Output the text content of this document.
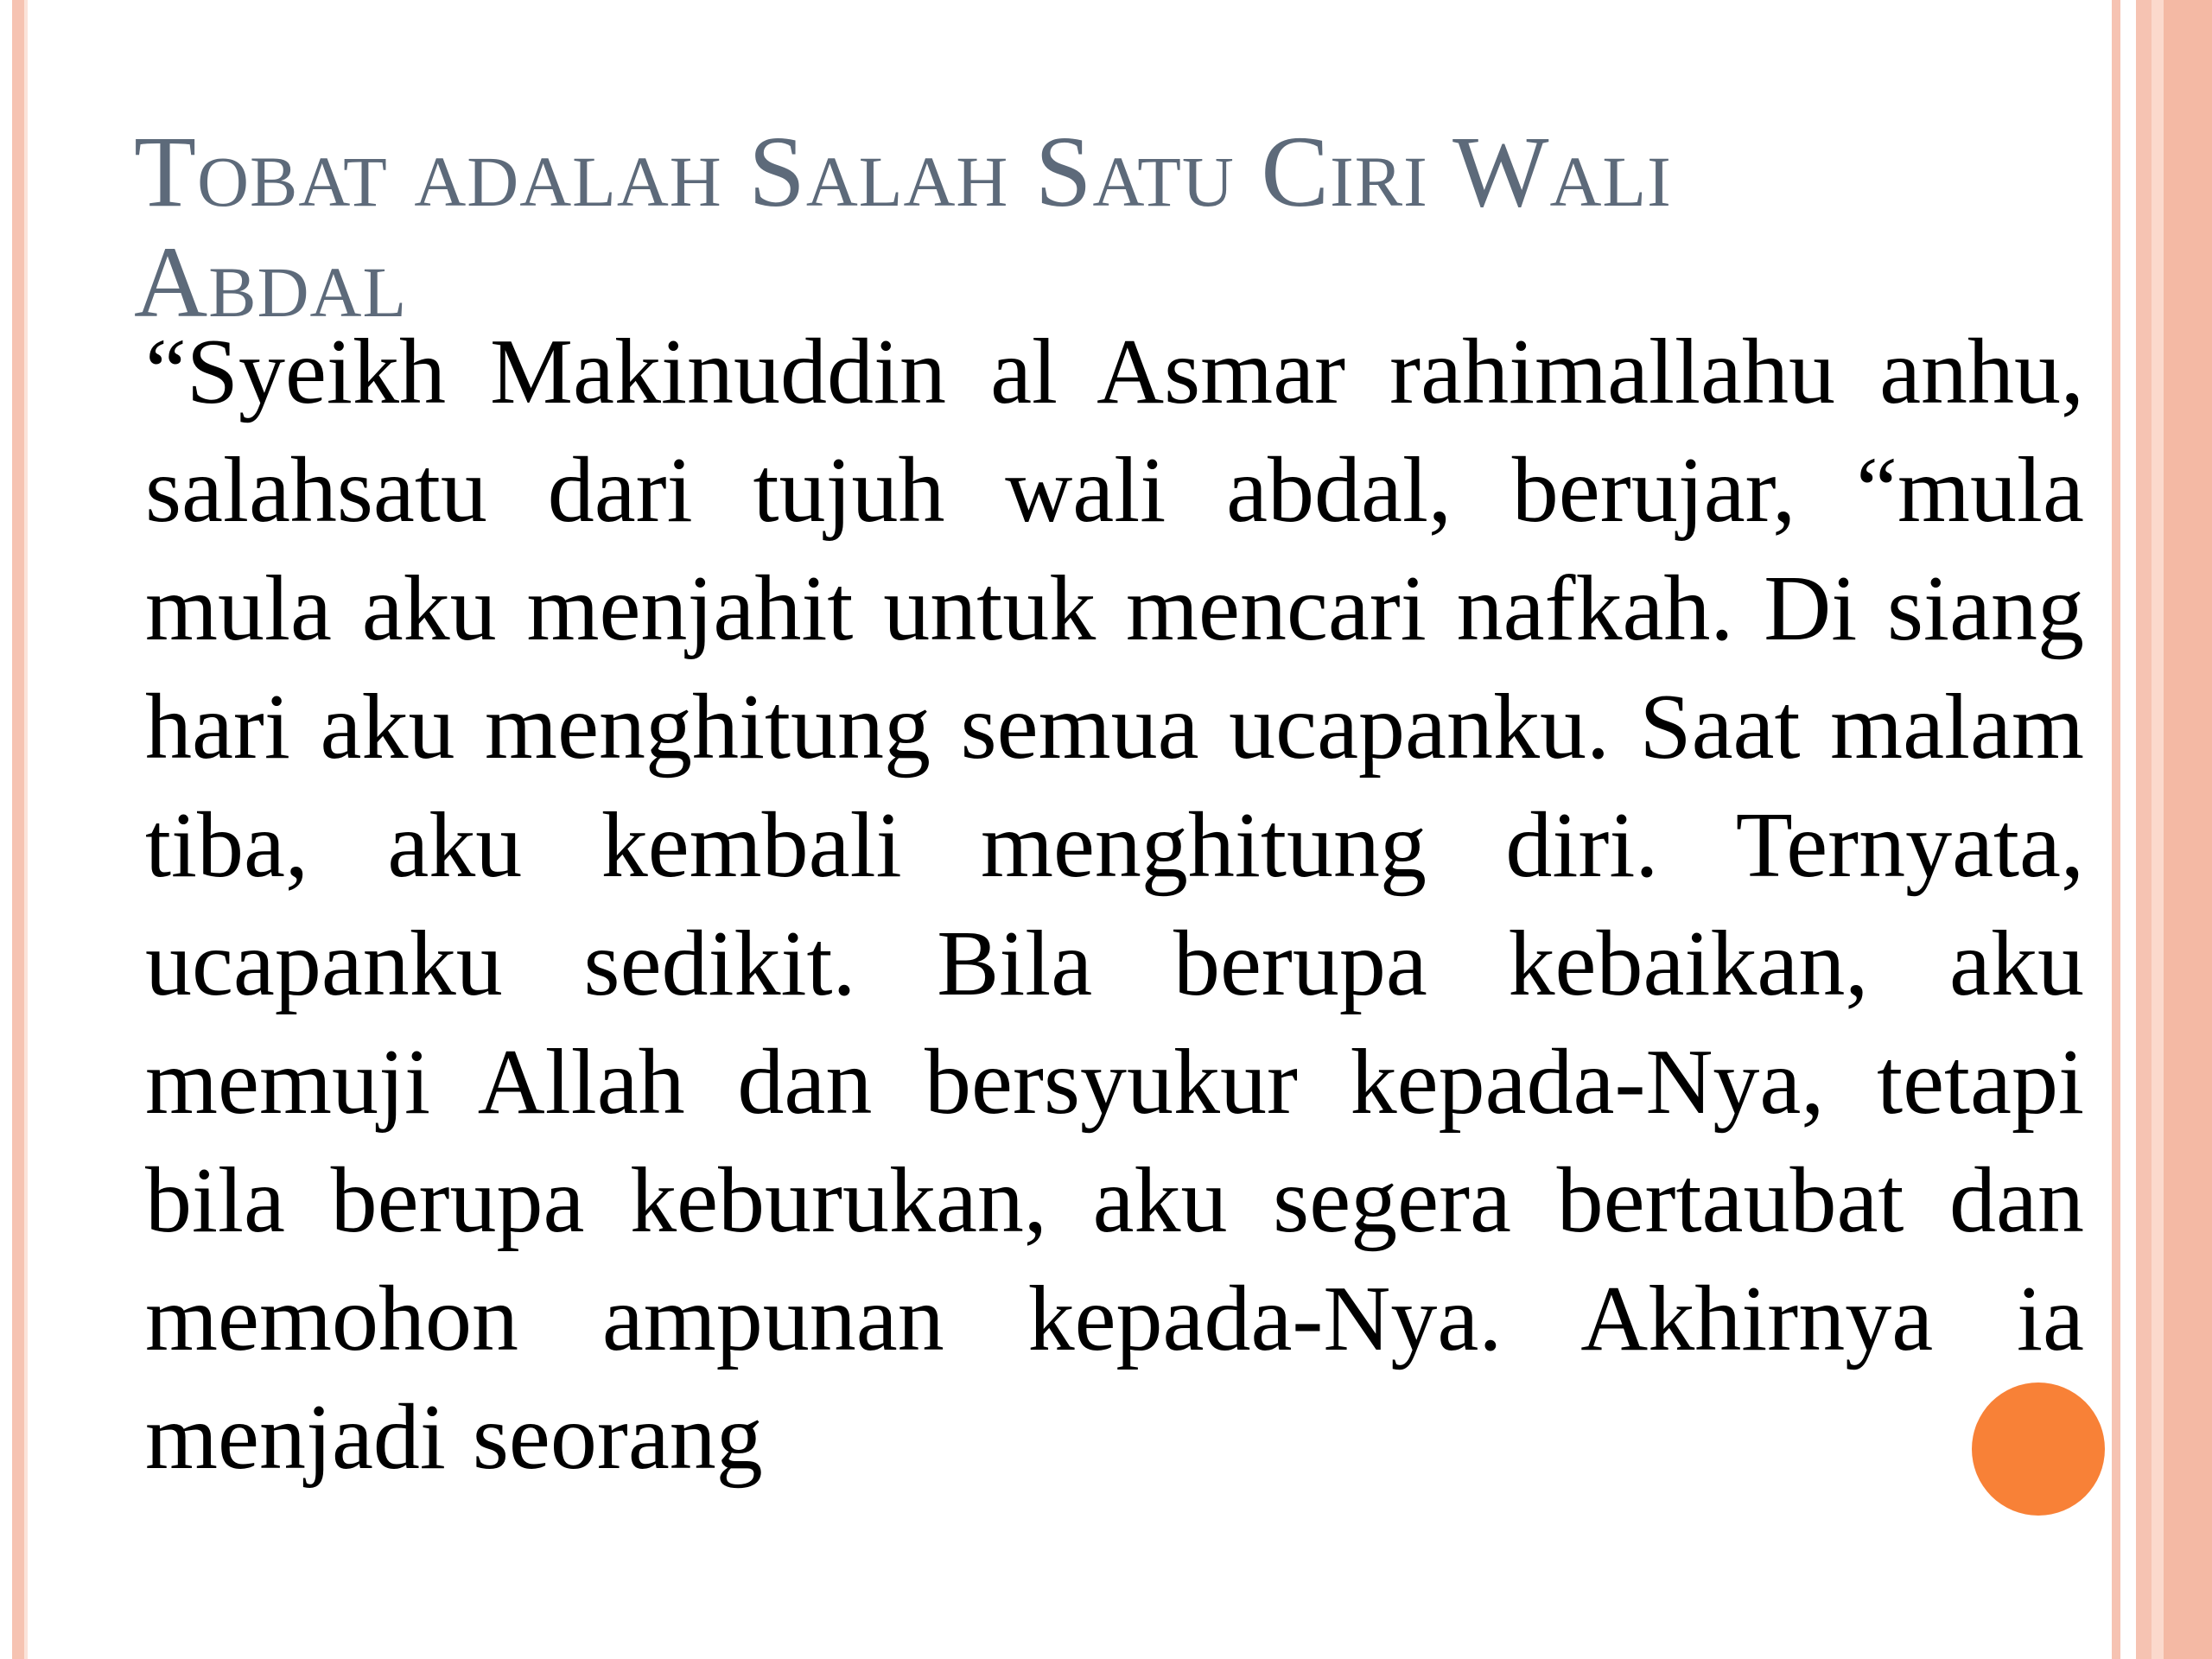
Tobat adalah Salah Satu Ciri Wali Abdal
“Syeikh Makinuddin al Asmar rahimallahu anhu, salahsatu dari tujuh wali abdal, berujar, “mula mula aku menjahit untuk mencari nafkah. Di siang hari aku menghitung semua ucapanku. Saat malam tiba, aku kembali menghitung diri. Ternyata, ucapanku sedikit. Bila berupa kebaikan, aku memuji Allah dan bersyukur kepada-Nya, tetapi bila berupa keburukan, aku segera bertaubat dan memohon ampunan kepada-Nya. Akhirnya ia menjadi seorang
